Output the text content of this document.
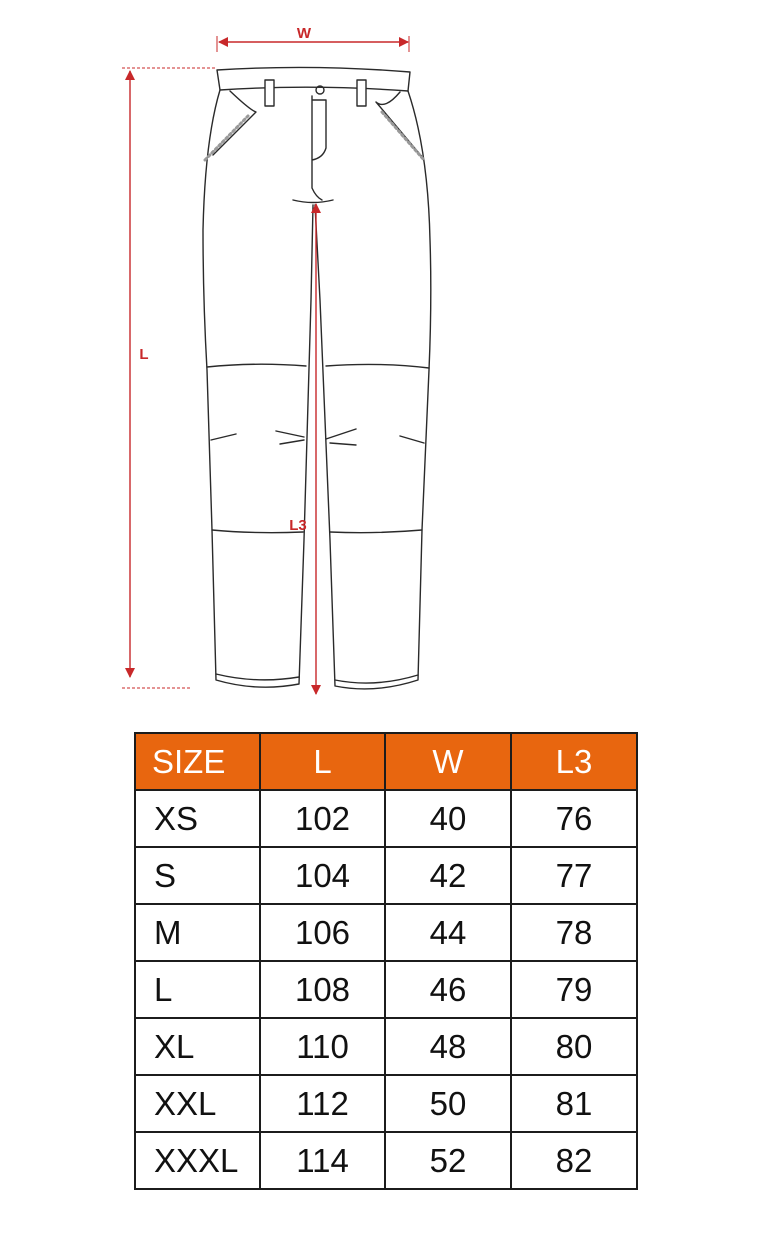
W
L
L3
SIZE	L	W	L3
XS	102	40	76
S	104	42	77
M	106	44	78
L	108	46	79
XL	110	48	80
XXL	112	50	81
XXXL	114	52	82
